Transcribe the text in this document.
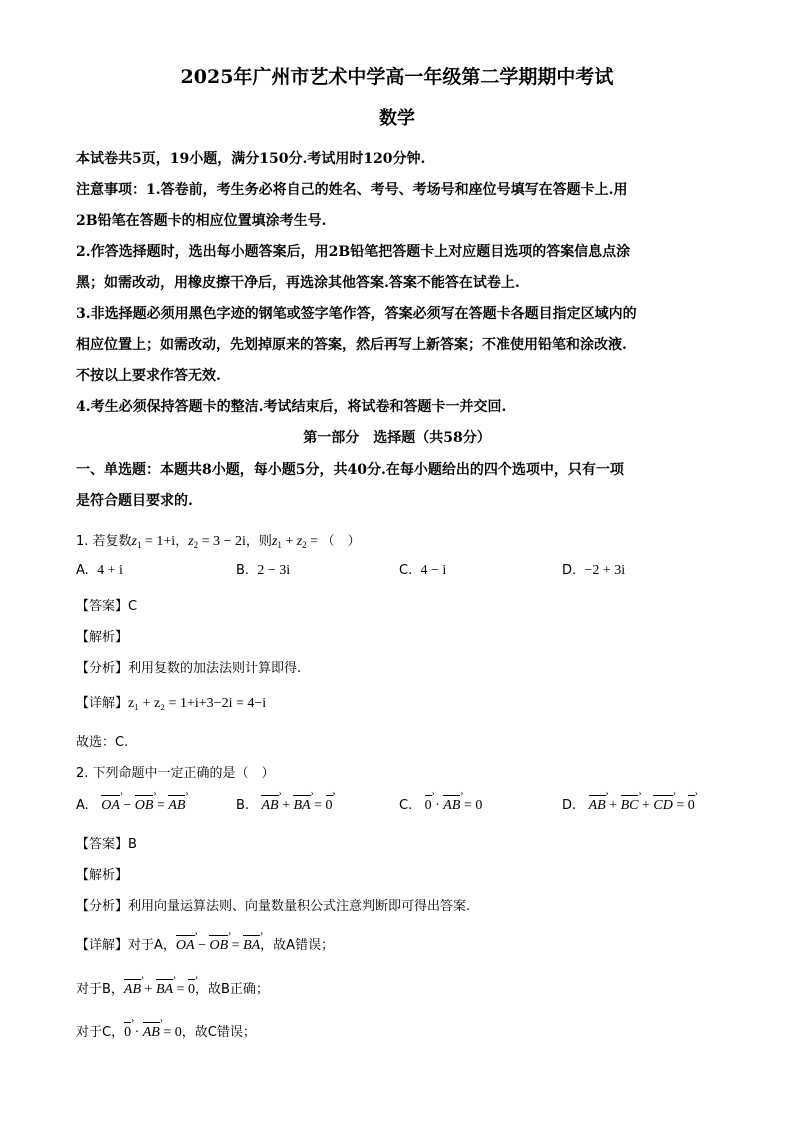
2025年广州市艺术中学高一年级第二学期期中考试
数学
本试卷共5页，19小题，满分150分.考试用时120分钟.
注意事项：1.答卷前，考生务必将自己的姓名、考号、考场号和座位号填写在答题卡上.用
2B铅笔在答题卡的相应位置填涂考生号.
2.作答选择题时，选出每小题答案后，用2B铅笔把答题卡上对应题目选项的答案信息点涂
黑；如需改动，用橡皮擦干净后，再选涂其他答案.答案不能答在试卷上.
3.非选择题必须用黑色字迹的钢笔或签字笔作答，答案必须写在答题卡各题目指定区域内的
相应位置上；如需改动，先划掉原来的答案，然后再写上新答案；不准使用铅笔和涂改液.
不按以上要求作答无效.
4.考生必须保持答题卡的整洁.考试结束后，将试卷和答题卡一并交回.
第一部分　选择题（共58分）
一、单选题：本题共8小题，每小题5分，共40分.在每小题给出的四个选项中，只有一项
是符合题目要求的.
1. 若复数$z_1 = 1+i$，$z_2 = 3 - 2i$，则$z_1 + z_2$ = （　）
A. 4 + i	B. 2 − 3i	C. 4 − i	D. −2 + 3i
【答案】C
【解析】
【分析】利用复数的加法法则计算即得.
【详解】z₁ + z₂ = 1+i+3−2i = 4−i
故选：C.
2. 下列命题中一定正确的是（　）
A. OA › − OB › = AB ›	B. AB › + BA › = 0 ›	C. 0 › · AB › = 0	D. AB › + BC › + CD › = 0 ›
【答案】B
【解析】
【分析】利用向量运算法则、向量数量积公式注意判断即可得出答案.
【详解】对于A，OA › − OB › = BA ›，故A错误；
对于B，AB › + BA › = 0 ›，故B正确；
对于C，0 › · AB › = 0，故C错误；
